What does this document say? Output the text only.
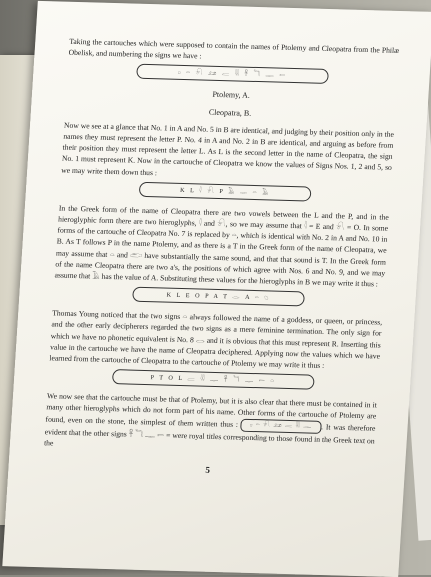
Taking the cartouches which were supposed to contain the names of Ptolemy and Cleopatra from the Philæ Obelisk, and numbering the signs we have :

𓊪 𓏏 𓍯 𓃭 𓐝 𓇌 𓋹 𓆓 𓊃 𓍿
Ptolemy, A.
Cleopatra, B.

Now we see at a glance that No. 1 in A and No. 5 in B are identical, and judging by their position only in the names they must represent the letter P. No. 4 in A and No. 2 in B are identical, and arguing as before from their position they must represent the letter L. As L is the second letter in the name of Cleopatra, the sign No. 1 must represent K. Now in the cartouche of Cleopatra we know the values of Signs Nos. 1, 2 and 5, so we may write them down thus :

K L 𓇋 𓍯 P 𓄿 𓂋 𓏏 𓄿

In the Greek form of the name of Cleopatra there are two vowels between the L and the P, and in the hieroglyphic form there are two hieroglyphs, 𓇋 and 𓍯, so we may assume that 𓇋 = E and 𓍯 = O. In some forms of the cartouche of Cleopatra No. 7 is replaced by 𓏏, which is identical with No. 2 in A and No. 10 in B. As T follows P in the name Ptolemy, and as there is a T in the Greek form of the name of Cleopatra, we may assume that 𓏏 and 𓂧 have substantially the same sound, and that that sound is T. In the Greek form of the name Cleopatra there are two a's, the positions of which agree with Nos. 6 and No. 9, and we may assume that 𓄿 has the value of A. Substituting these values for the hieroglyphs in B we may write it thus :

K L E O P A T 𓂋 A 𓏏 𓆇

Thomas Young noticed that the two signs 𓏏 always followed the name of a goddess, or queen, or princess, and the other early decipherers regarded the two signs as a mere feminine termination. The only sign for which we have no phonetic equivalent is No. 8 𓂋 and it is obvious that this must represent R. Inserting this value in the cartouche we have the name of Cleopatra deciphered. Applying now the values which we have learned from the cartouche of Cleopatra to the cartouche of Ptolemy we may write it thus :

P T O L 𓐝 𓇌 𓊃 𓋹 𓆓 𓊃 𓍿 𓏏

We now see that the cartouche must be that of Ptolemy, but it is also clear that there must be contained in it many other hieroglyphs which do not form part of his name. Other forms of the cartouche of Ptolemy are found, even on the stone, the simplest of them written thus : 𓊪 𓏏 𓍯 𓃭 𓐝 𓇌 𓊃 . It was therefore evident that the other signs 𓋹 𓆓 𓊃 𓍿 = were royal titles corresponding to those found in the Greek text on the

5
